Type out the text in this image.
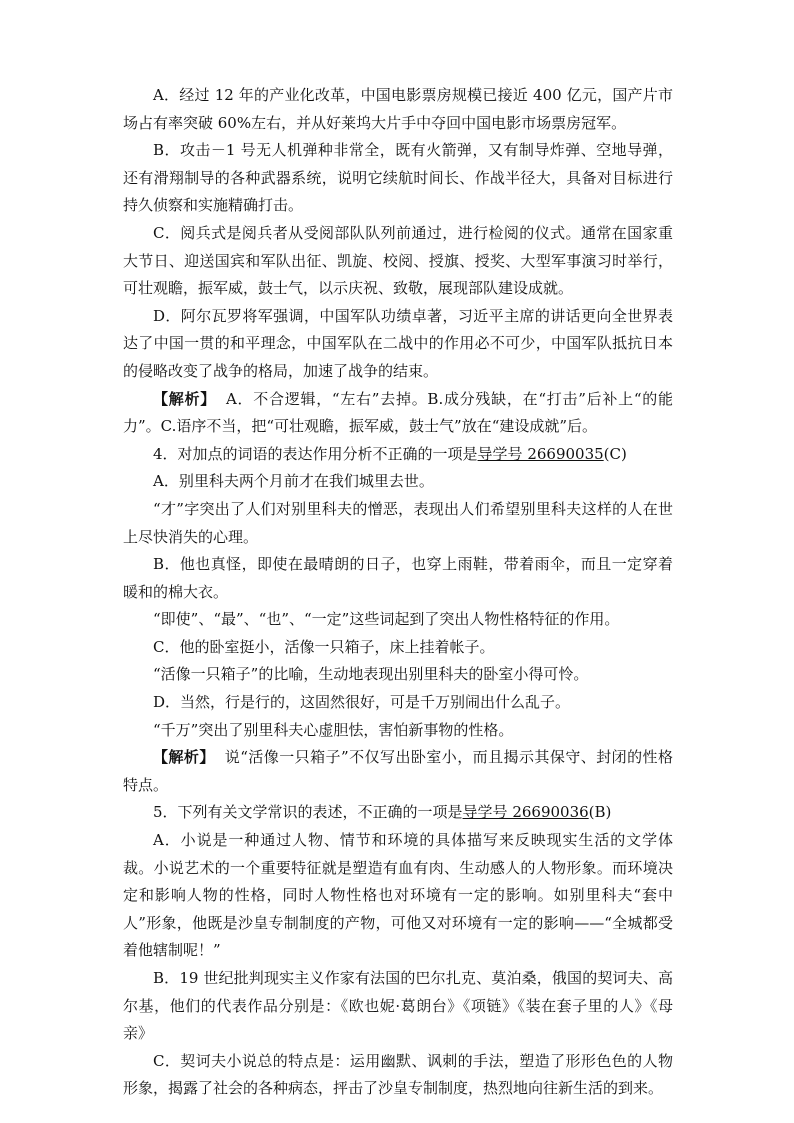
A．经过 12 年的产业化改革，中国电影票房规模已接近 400 亿元，国产片市场占有率突破 60%左右，并从好莱坞大片手中夺回中国电影市场票房冠军。

B．攻击－1 号无人机弹种非常全，既有火箭弹，又有制导炸弹、空地导弹，还有滑翔制导的各种武器系统，说明它续航时间长、作战半径大，具备对目标进行持久侦察和实施精确打击。

C．阅兵式是阅兵者从受阅部队队列前通过，进行检阅的仪式。通常在国家重大节日、迎送国宾和军队出征、凯旋、校阅、授旗、授奖、大型军事演习时举行，可壮观瞻，振军威，鼓士气，以示庆祝、致敬，展现部队建设成就。

D．阿尔瓦罗将军强调，中国军队功绩卓著，习近平主席的讲话更向全世界表达了中国一贯的和平理念，中国军队在二战中的作用必不可少，中国军队抵抗日本的侵略改变了战争的格局，加速了战争的结束。

【解析】 A．不合逻辑，“左右”去掉。B.成分残缺，在“打击”后补上“的能力”。C.语序不当，把“可壮观瞻，振军威，鼓士气”放在“建设成就”后。

4．对加点的词语的表达作用分析不正确的一项是导学号 26690035(C)

A．别里科夫两个月前才在我们城里去世。

“才”字突出了人们对别里科夫的憎恶，表现出人们希望别里科夫这样的人在世上尽快消失的心理。

B．他也真怪，即使在最晴朗的日子，也穿上雨鞋，带着雨伞，而且一定穿着暖和的棉大衣。

“即使”、“最”、“也”、“一定”这些词起到了突出人物性格特征的作用。

C．他的卧室挺小，活像一只箱子，床上挂着帐子。

“活像一只箱子”的比喻，生动地表现出别里科夫的卧室小得可怜。

D．当然，行是行的，这固然很好，可是千万别闹出什么乱子。

“千万”突出了别里科夫心虚胆怯，害怕新事物的性格。

【解析】 说“活像一只箱子”不仅写出卧室小，而且揭示其保守、封闭的性格特点。

5．下列有关文学常识的表述，不正确的一项是导学号 26690036(B)

A．小说是一种通过人物、情节和环境的具体描写来反映现实生活的文学体裁。小说艺术的一个重要特征就是塑造有血有肉、生动感人的人物形象。而环境决定和影响人物的性格，同时人物性格也对环境有一定的影响。如别里科夫“套中人”形象，他既是沙皇专制制度的产物，可他又对环境有一定的影响——“全城都受着他辖制呢！”

B．19 世纪批判现实主义作家有法国的巴尔扎克、莫泊桑，俄国的契诃夫、高尔基，他们的代表作品分别是：《欧也妮·葛朗台》《项链》《装在套子里的人》《母亲》

C．契诃夫小说总的特点是：运用幽默、讽刺的手法，塑造了形形色色的人物形象，揭露了社会的各种病态，抨击了沙皇专制制度，热烈地向往新生活的到来。
